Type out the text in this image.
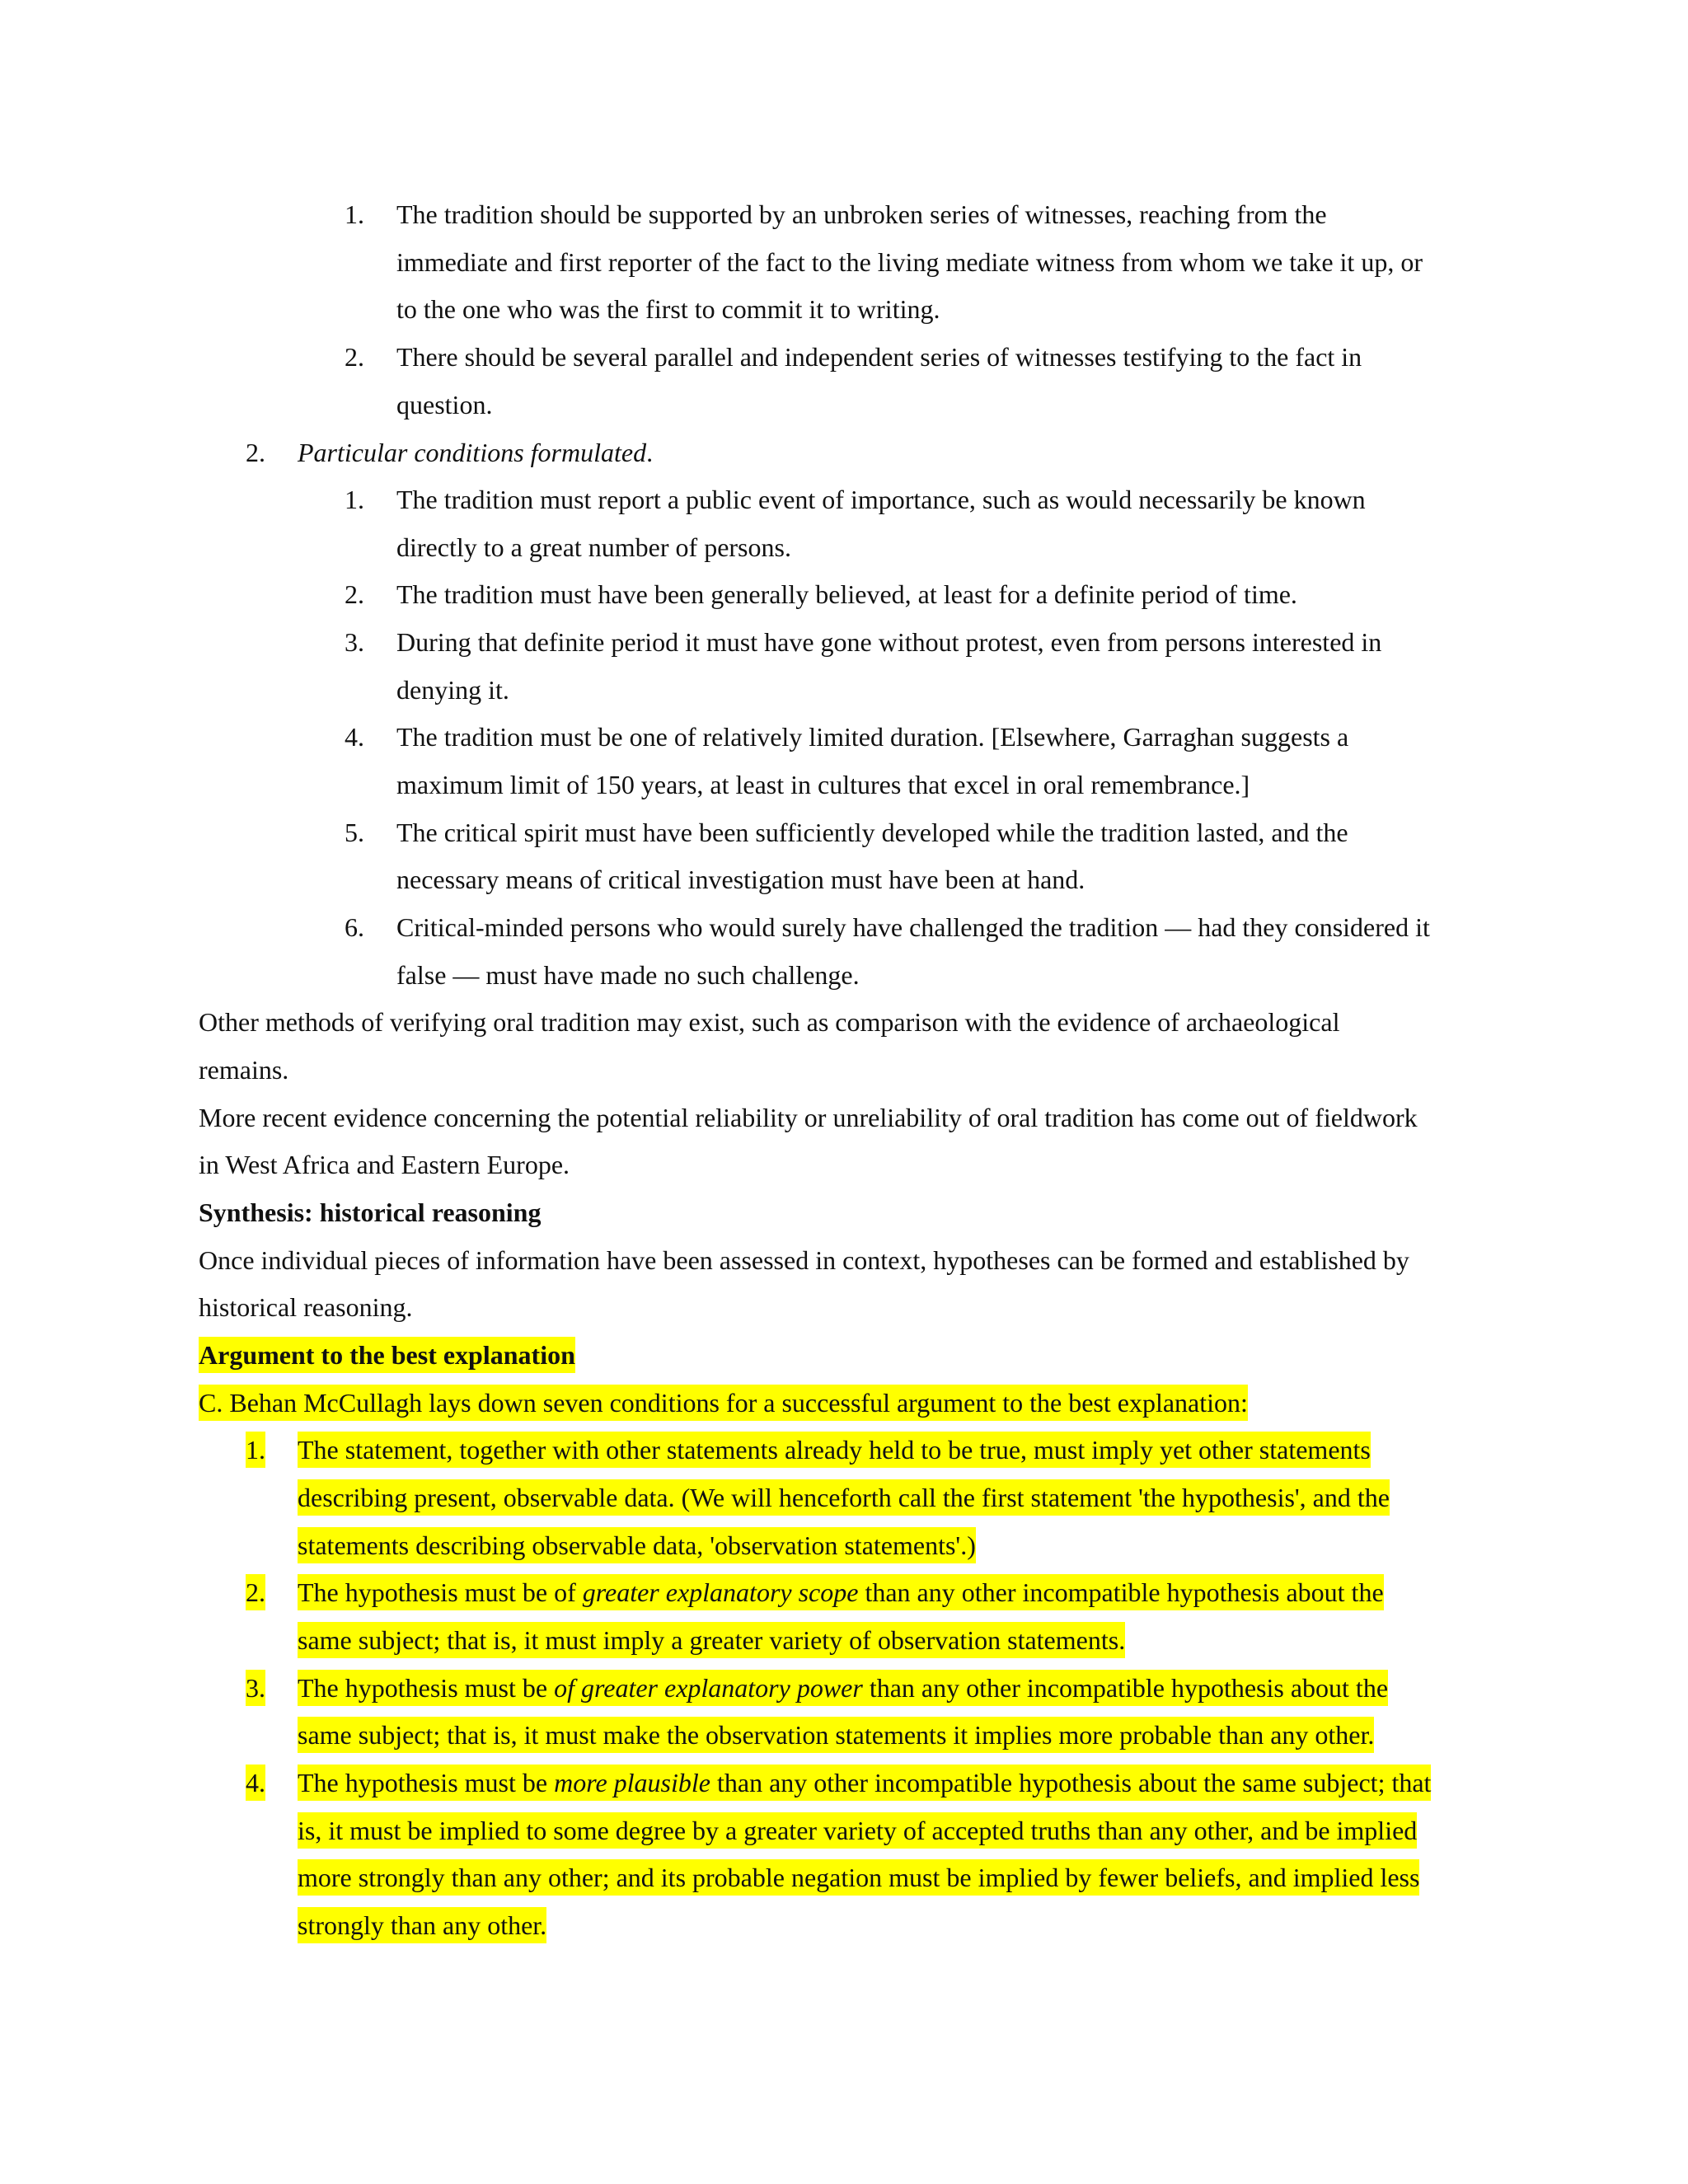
1. The tradition should be supported by an unbroken series of witnesses, reaching from the
immediate and first reporter of the fact to the living mediate witness from whom we take it up, or
to the one who was the first to commit it to writing.
2. There should be several parallel and independent series of witnesses testifying to the fact in
question.
2. Particular conditions formulated.
1. The tradition must report a public event of importance, such as would necessarily be known
directly to a great number of persons.
2. The tradition must have been generally believed, at least for a definite period of time.
3. During that definite period it must have gone without protest, even from persons interested in
denying it.
4. The tradition must be one of relatively limited duration. [Elsewhere, Garraghan suggests a
maximum limit of 150 years, at least in cultures that excel in oral remembrance.]
5. The critical spirit must have been sufficiently developed while the tradition lasted, and the
necessary means of critical investigation must have been at hand.
6. Critical-minded persons who would surely have challenged the tradition — had they considered it
false — must have made no such challenge.
Other methods of verifying oral tradition may exist, such as comparison with the evidence of archaeological
remains.
More recent evidence concerning the potential reliability or unreliability of oral tradition has come out of fieldwork
in West Africa and Eastern Europe.
Synthesis: historical reasoning
Once individual pieces of information have been assessed in context, hypotheses can be formed and established by
historical reasoning.
Argument to the best explanation
C. Behan McCullagh lays down seven conditions for a successful argument to the best explanation:
1. The statement, together with other statements already held to be true, must imply yet other statements
describing present, observable data. (We will henceforth call the first statement 'the hypothesis', and the
statements describing observable data, 'observation statements'.)
2. The hypothesis must be of greater explanatory scope than any other incompatible hypothesis about the
same subject; that is, it must imply a greater variety of observation statements.
3. The hypothesis must be of greater explanatory power than any other incompatible hypothesis about the
same subject; that is, it must make the observation statements it implies more probable than any other.
4. The hypothesis must be more plausible than any other incompatible hypothesis about the same subject; that
is, it must be implied to some degree by a greater variety of accepted truths than any other, and be implied
more strongly than any other; and its probable negation must be implied by fewer beliefs, and implied less
strongly than any other.
